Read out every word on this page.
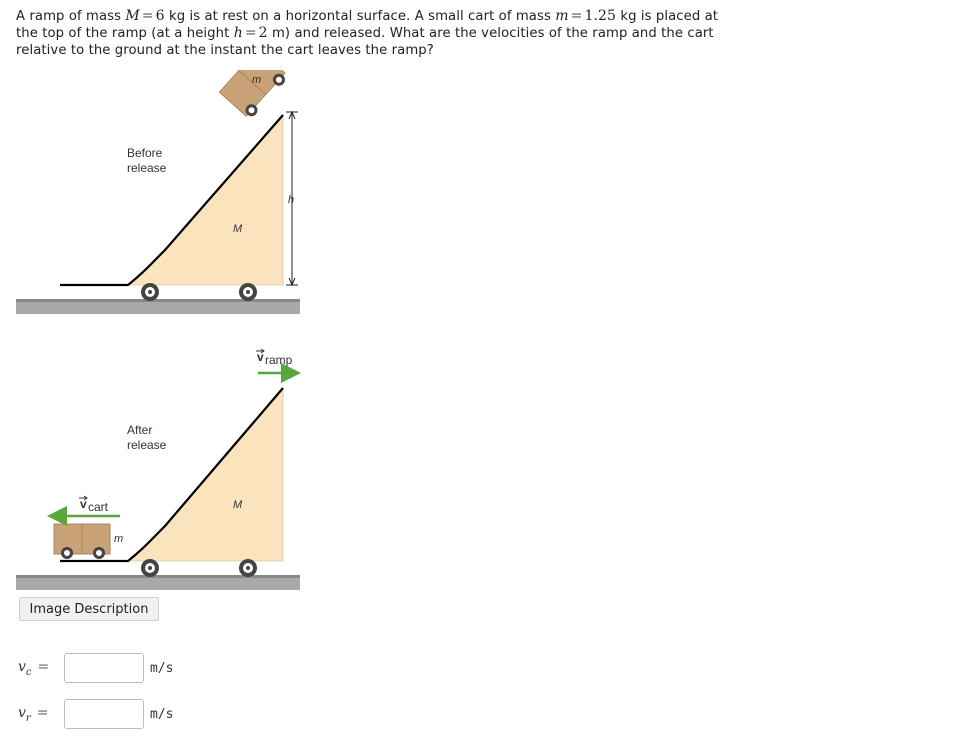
A ramp of mass M = 6 kg is at rest on a horizontal surface. A small cart of mass m = 1.25 kg is placed at the top of the ramp (at a height h = 2 m) and released. What are the velocities of the ramp and the cart relative to the ground at the instant the cart leaves the ramp?
Before
release
m
M
h
After
release
m
M
v ramp
v cart
Image Description
$v_c$ =	m/s
$v_r$ =	m/s
